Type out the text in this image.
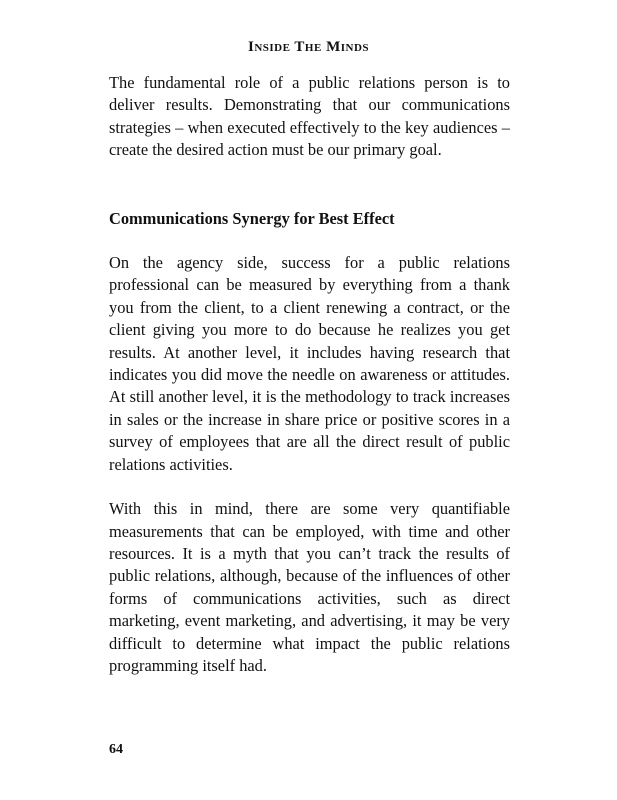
Inside The Minds

The fundamental role of a public relations person is to deliver results. Demonstrating that our communications strategies – when executed effectively to the key audiences – create the desired action must be our primary goal.

Communications Synergy for Best Effect

On the agency side, success for a public relations professional can be measured by everything from a thank you from the client, to a client renewing a contract, or the client giving you more to do because he realizes you get results. At another level, it includes having research that indicates you did move the needle on awareness or attitudes. At still another level, it is the methodology to track increases in sales or the increase in share price or positive scores in a survey of employees that are all the direct result of public relations activities.

With this in mind, there are some very quantifiable measurements that can be employed, with time and other resources. It is a myth that you can’t track the results of public relations, although, because of the influences of other forms of communications activities, such as direct marketing, event marketing, and advertising, it may be very difficult to determine what impact the public relations programming itself had.

64
